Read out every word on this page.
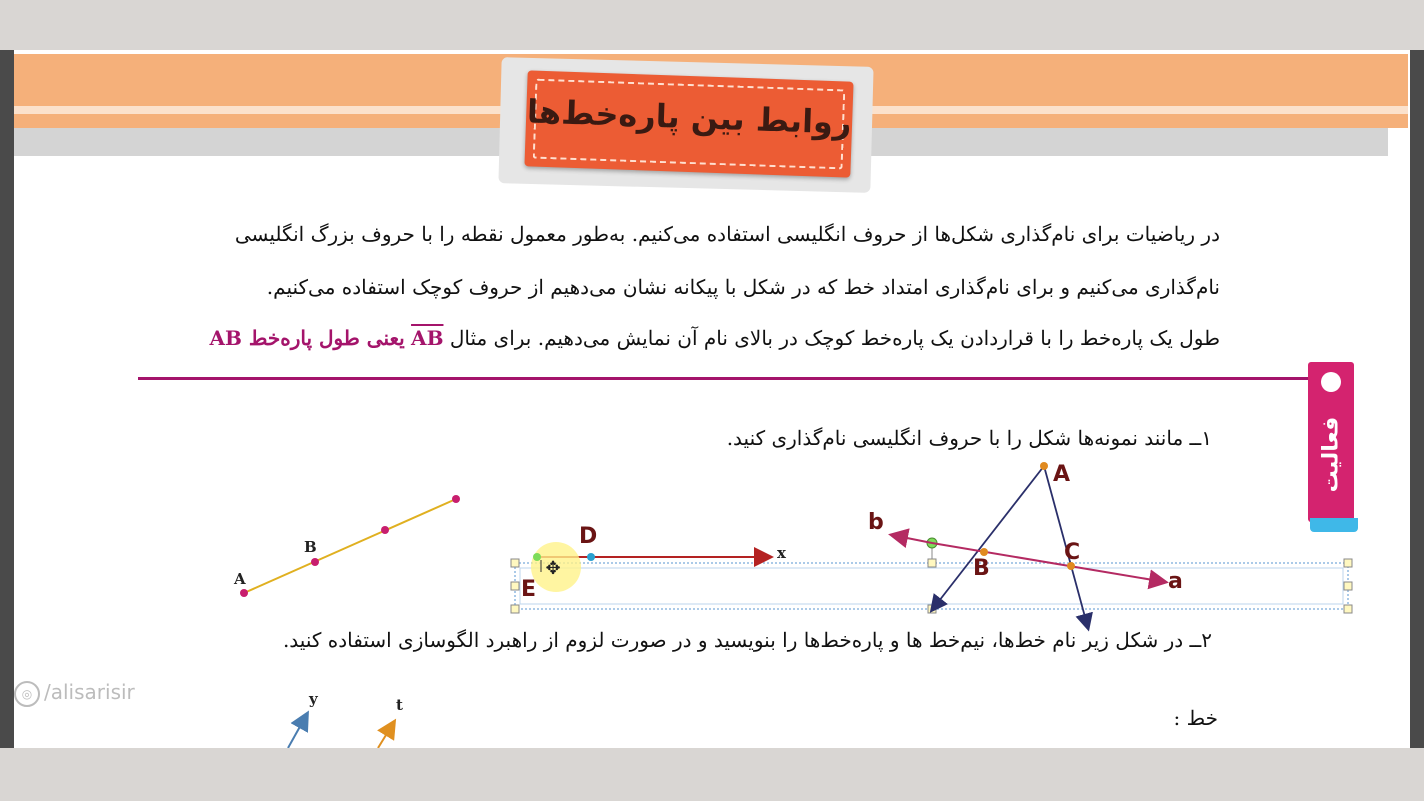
روابط بین پاره‌خط‌ها
در ریاضیات برای نام‌گذاری شکل‌ها از حروف انگلیسی استفاده می‌کنیم. به‌طور معمول نقطه را با حروف بزرگ انگلیسی
نام‌گذاری می‌کنیم و برای نام‌گذاری امتداد خط که در شکل با پیکانه نشان می‌دهیم از حروف کوچک استفاده می‌کنیم.
طول یک پاره‌خط را با قراردادن یک پاره‌خط کوچک در بالای نام آن نمایش می‌دهیم. برای مثال AB یعنی طول پاره‌خط AB
فعالیت
۱ــ مانند نمونه‌ها شکل را با حروف انگلیسی نام‌گذاری کنید.
۲ــ در شکل زیر نام خط‌ها، نیم‌خط ها و پاره‌خط‌ها را بنویسید و در صورت لزوم از راهبرد الگوسازی استفاده کنید.
خط :
◎ /alisarisir
A
B
✥
E
D
x
A
B
C
b
a
y	t
